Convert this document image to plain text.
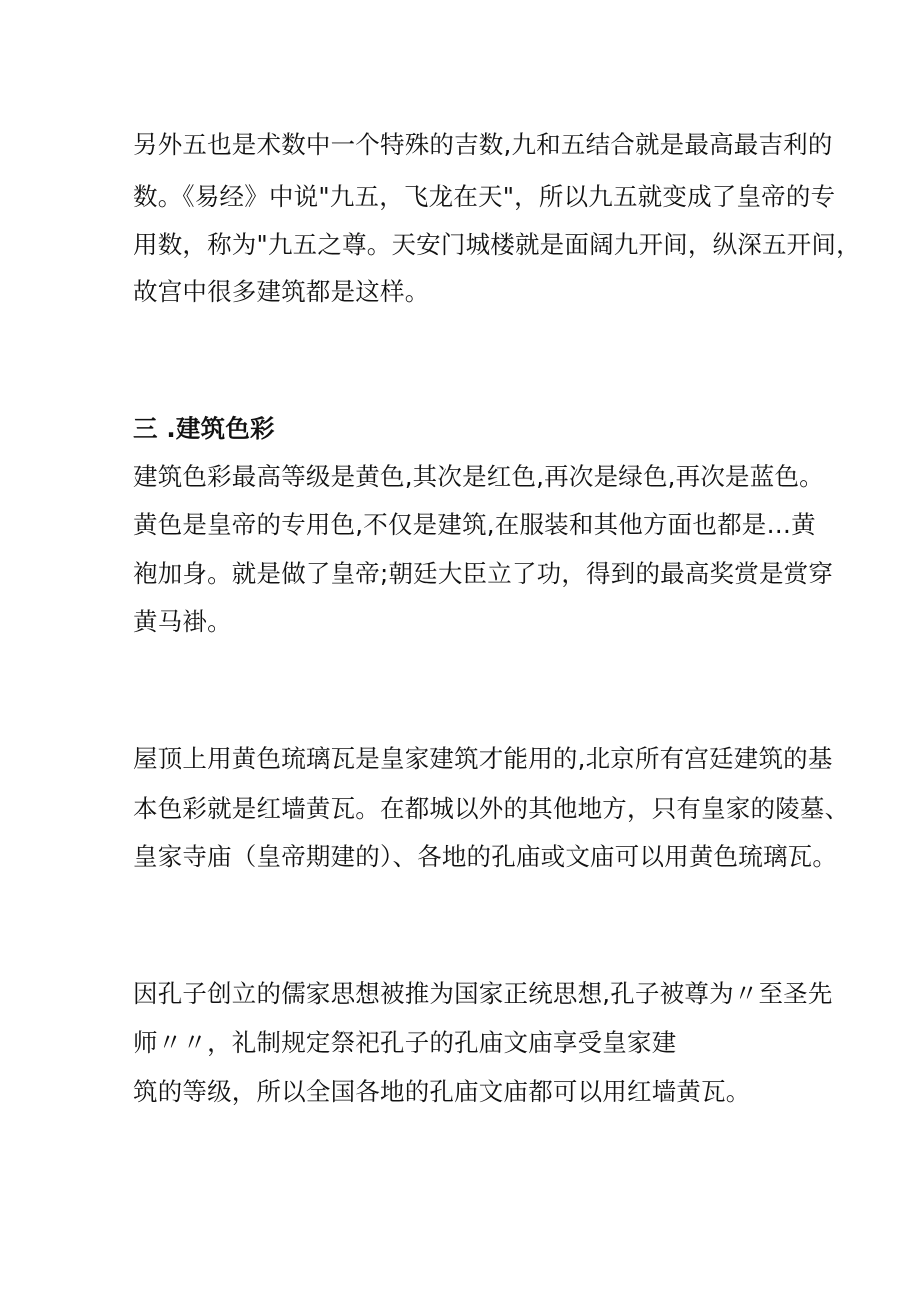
另外五也是术数中一个特殊的吉数,九和五结合就是最高最吉利的
数。《易经》中说"九五，飞龙在天"，所以九五就变成了皇帝的专
用数，称为"九五之尊。天安门城楼就是面阔九开间，纵深五开间，
故宫中很多建筑都是这样。
三 .建筑色彩
建筑色彩最高等级是黄色,其次是红色,再次是绿色,再次是蓝色。
黄色是皇帝的专用色,不仅是建筑,在服装和其他方面也都是…黄
袍加身。就是做了皇帝;朝廷大臣立了功，得到的最高奖赏是赏穿
黄马褂。
屋顶上用黄色琉璃瓦是皇家建筑才能用的,北京所有宫廷建筑的基
本色彩就是红墙黄瓦。在都城以外的其他地方，只有皇家的陵墓、
皇家寺庙（皇帝期建的）、各地的孔庙或文庙可以用黄色琉璃瓦。
因孔子创立的儒家思想被推为国家正统思想,孔子被尊为〃至圣先
师〃〃，礼制规定祭祀孔子的孔庙文庙享受皇家建
筑的等级，所以全国各地的孔庙文庙都可以用红墙黄瓦。
